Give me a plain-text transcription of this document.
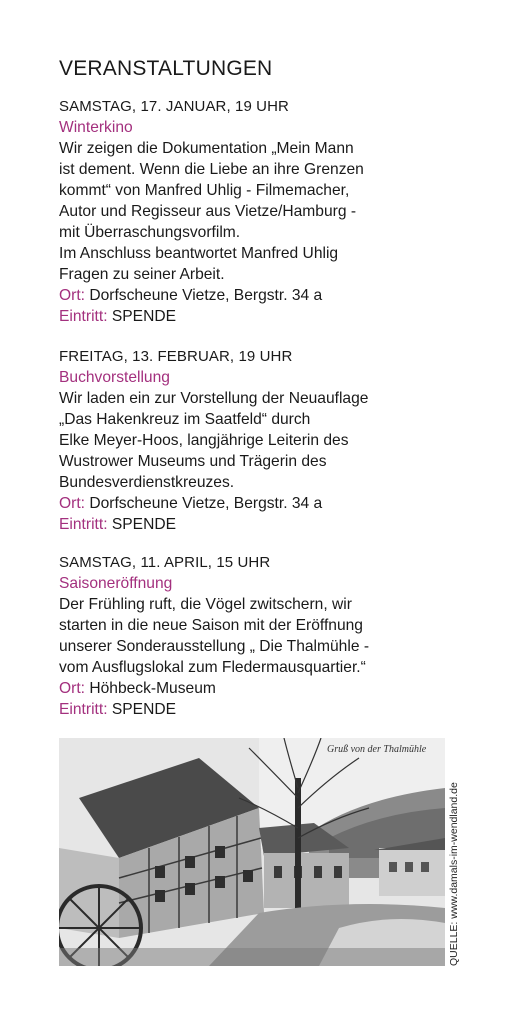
VERANSTALTUNGEN
SAMSTAG, 17. JANUAR, 19 UHR
Winterkino
Wir zeigen die Dokumentation „Mein Mann
ist dement. Wenn die Liebe an ihre Grenzen
kommt“ von Manfred Uhlig - Filmemacher,
Autor und Regisseur aus Vietze/Hamburg -
mit Überraschungsvorfilm.
Im Anschluss beantwortet Manfred Uhlig
Fragen zu seiner Arbeit.
Ort: Dorfscheune Vietze, Bergstr. 34 a
Eintritt: SPENDE
FREITAG, 13. FEBRUAR, 19 UHR
Buchvorstellung
Wir laden ein zur Vorstellung der Neuauflage
„Das Hakenkreuz im Saatfeld“ durch
Elke Meyer-Hoos, langjährige Leiterin des
Wustrower Museums und Trägerin des
Bundesverdienstkreuzes.
Ort: Dorfscheune Vietze, Bergstr. 34 a
Eintritt: SPENDE
SAMSTAG, 11. APRIL, 15 UHR
Saisoneröffnung
Der Frühling ruft, die Vögel zwitschern, wir
starten in die neue Saison mit der Eröffnung
unserer Sonderausstellung „ Die Thalmühle -
vom Ausflugslokal zum Fledermausquartier.“
Ort: Höhbeck-Museum
Eintritt: SPENDE
Gruß von der Thalmühle
QUELLE: www.damals-im-wendland.de
